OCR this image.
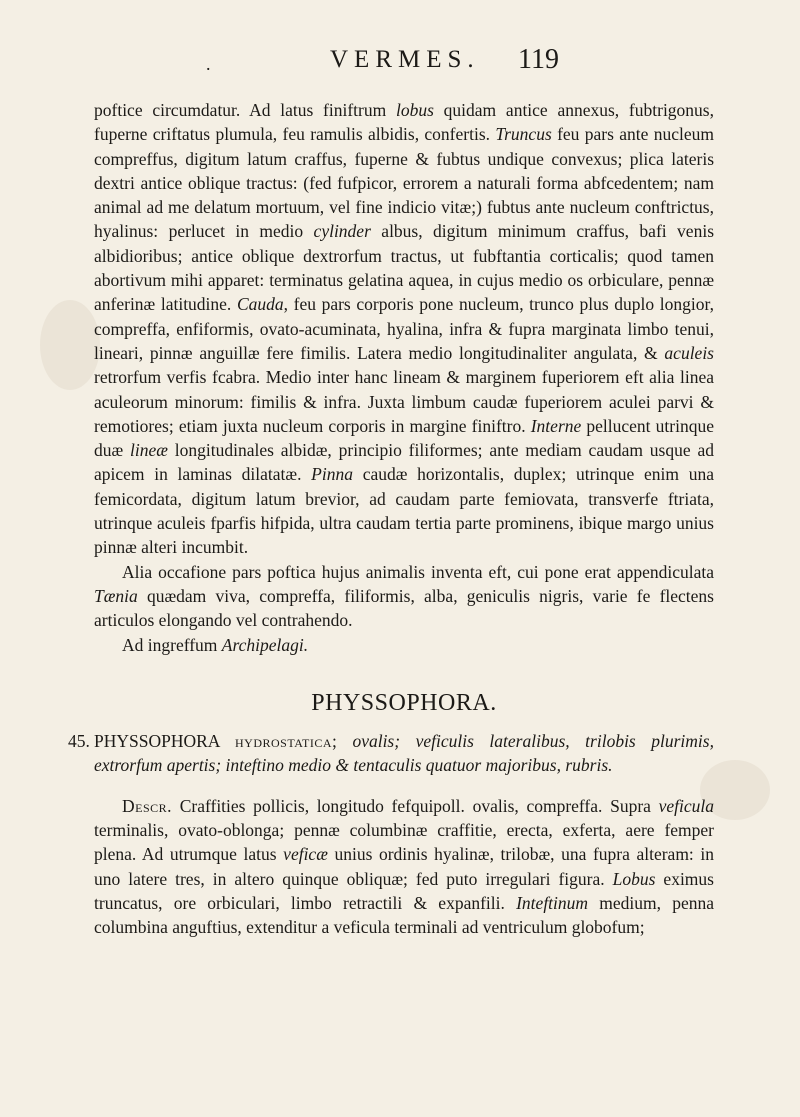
.	VERMES. 119

poftice circumdatur. Ad latus finiftrum lobus quidam antice annexus, fubtrigonus, fuperne criftatus plumula, feu ramulis albidis, confertis. Truncus feu pars ante nucleum compreffus, digitum latum craffus, fuperne & fubtus undique convexus; plica lateris dextri antice oblique tractus: (fed fufpicor, errorem a naturali forma abfcedentem; nam animal ad me delatum mortuum, vel fine indicio vitæ;) fubtus ante nucleum conftrictus, hyalinus: perlucet in medio cylinder albus, digitum minimum craffus, bafi venis albidioribus; antice oblique dextrorfum tractus, ut fubftantia corticalis; quod tamen abortivum mihi apparet: terminatus gelatina aquea, in cujus medio os orbiculare, pennæ anferinæ latitudine. Cauda, feu pars corporis pone nucleum, trunco plus duplo longior, compreffa, enfiformis, ovato-acuminata, hyalina, infra & fupra marginata limbo tenui, lineari, pinnæ anguillæ fere fimilis. Latera medio longitudinaliter angulata, & aculeis retrorfum verfis fcabra. Medio inter hanc lineam & marginem fuperiorem eft alia linea aculeorum minorum: fimilis & infra. Juxta limbum caudæ fuperiorem aculei parvi & remotiores; etiam juxta nucleum corporis in margine finiftro. Interne pellucent utrinque duæ lineæ longitudinales albidæ, principio filiformes; ante mediam caudam usque ad apicem in laminas dilatatæ. Pinna caudæ horizontalis, duplex; utrinque enim una femicordata, digitum latum brevior, ad caudam parte femiovata, transverfe ftriata, utrinque aculeis fparfis hifpida, ultra caudam tertia parte prominens, ibique margo unius pinnæ alteri incumbit.

Alia occafione pars poftica hujus animalis inventa eft, cui pone erat appendiculata Tænia quædam viva, compreffa, filiformis, alba, geniculis nigris, varie fe flectens articulos elongando vel contrahendo.

Ad ingreffum Archipelagi.

PHYSSOPHORA.

45. PHYSSOPHORA hydrostatica; ovalis; veficulis lateralibus, trilobis plurimis, extrorfum apertis; inteftino medio & tentaculis quatuor majoribus, rubris.

Descr. Craffities pollicis, longitudo fefquipoll. ovalis, compreffa. Supra veficula terminalis, ovato-oblonga; pennæ columbinæ craffitie, erecta, exferta, aere femper plena. Ad utrumque latus veficæ unius ordinis hyalinæ, trilobæ, una fupra alteram: in uno latere tres, in altero quinque obliquæ; fed puto irregulari figura. Lobus eximus truncatus, ore orbiculari, limbo retractili & expanfili. Inteftinum medium, penna columbina anguftius, extenditur a veficula terminali ad ventriculum globofum;
